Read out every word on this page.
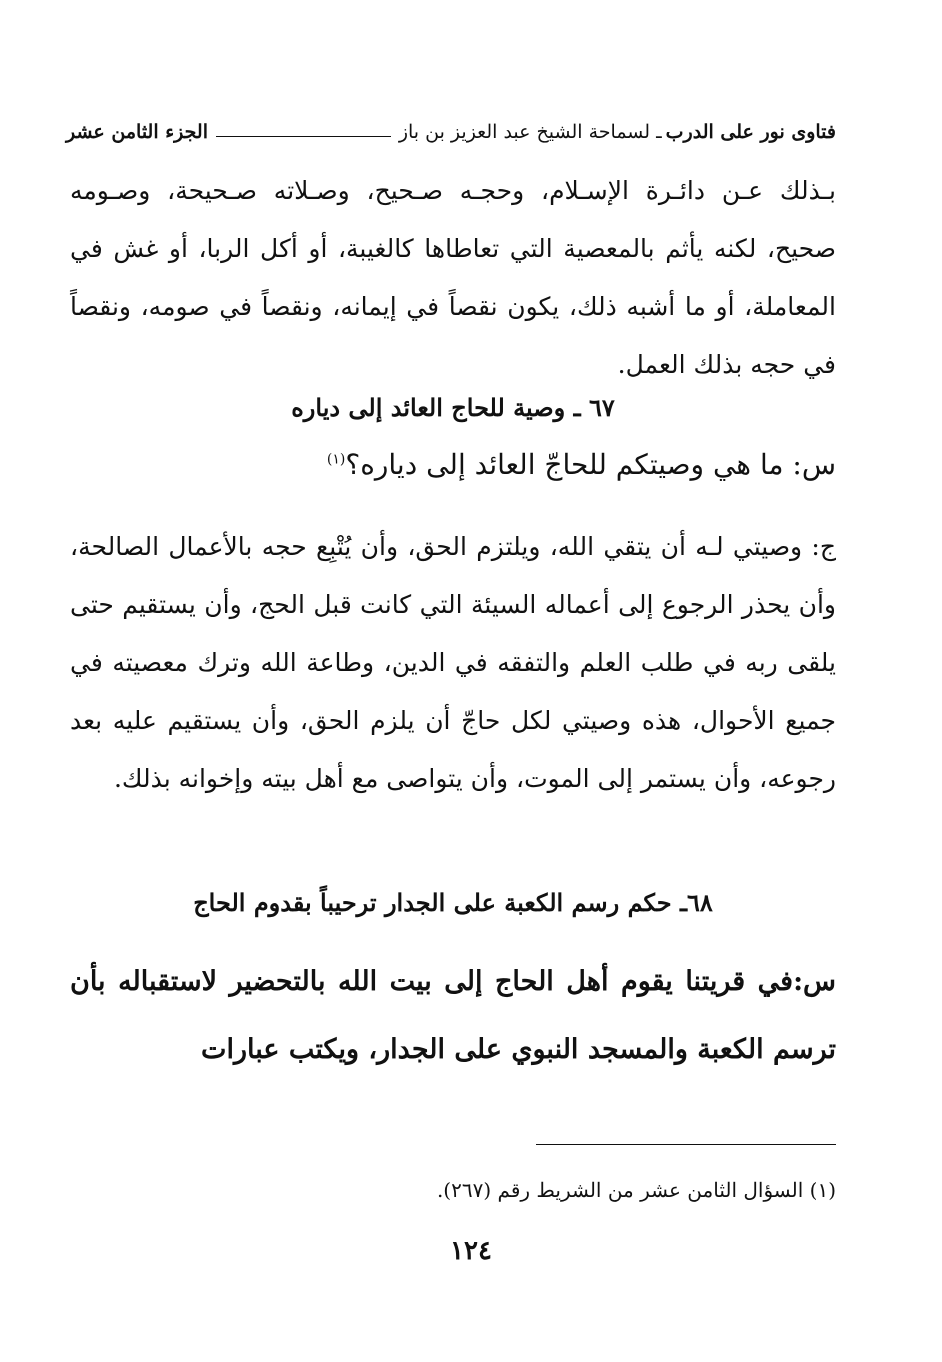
فتاوى نور على الدرب
ـ لسماحة الشيخ عبد العزيز بن باز
الجزء الثامن عشر
بـذلك عـن دائـرة الإسـلام، وحجـه صـحيح، وصـلاته صـحيحة، وصـومه صحيح، لكنه يأثم بالمعصية التي تعاطاها كالغيبة، أو أكل الربا، أو غش في المعاملة، أو ما أشبه ذلك، يكون نقصاً في إيمانه، ونقصاً في صومه، ونقصاً في حجه بذلك العمل.
٦٧ ـ وصية للحاج العائد إلى دياره
س: ما هي وصيتكم للحاجّ العائد إلى دياره؟$^{(١)}$
ج: وصيتي لـه أن يتقي الله، ويلتزم الحق، وأن يُتْبِع حجه بالأعمال الصالحة، وأن يحذر الرجوع إلى أعماله السيئة التي كانت قبل الحج، وأن يستقيم حتى يلقى ربه في طلب العلم والتفقه في الدين، وطاعة الله وترك معصيته في جميع الأحوال، هذه وصيتي لكل حاجّ أن يلزم الحق، وأن يستقيم عليه بعد رجوعه، وأن يستمر إلى الموت، وأن يتواصى مع أهل بيته وإخوانه بذلك.
٦٨ـ حكم رسم الكعبة على الجدار ترحيباً بقدوم الحاج
س:في قريتنا يقوم أهل الحاج إلى بيت الله بالتحضير لاستقباله بأن ترسم الكعبة والمسجد النبوي على الجدار، ويكتب عبارات
(١) السؤال الثامن عشر من الشريط رقم (٢٦٧).
١٢٤
